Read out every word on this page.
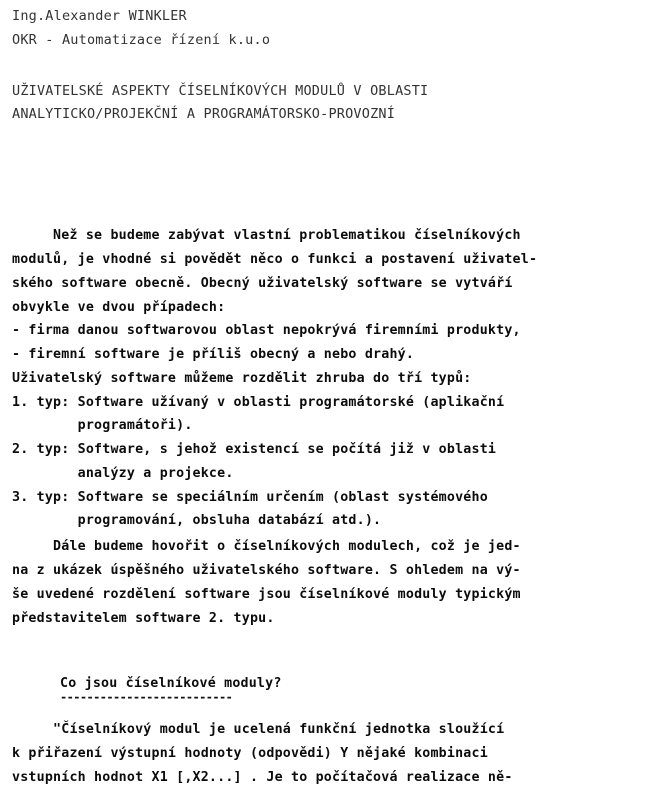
Ing.Alexander WINKLER
OKR - Automatizace řízení k.u.o
UŽIVATELSKÉ ASPEKTY ČÍSELNÍKOVÝCH MODULŮ V OBLASTI
ANALYTICKO/PROJEKČNÍ A PROGRAMÁTORSKO-PROVOZNÍ
Než se budeme zabývat vlastní problematikou číselníkových
modulů, je vhodné si povědět něco o funkci a postavení uživatel-
ského software obecně. Obecný uživatelský software se vytváří
obvykle ve dvou případech:
- firma danou softwarovou oblast nepokrývá firemními produkty,
- firemní software je příliš obecný a nebo drahý.
Uživatelský software můžeme rozdělit zhruba do tří typů:
1. typ: Software užívaný v oblasti programátorské (aplikační
programátoři).
2. typ: Software, s jehož existencí se počítá již v oblasti
analýzy a projekce.
3. typ: Software se speciálním určením (oblast systémového
programování, obsluha databází atd.).
Dále budeme hovořit o číselníkových modulech, což je jed-
na z ukázek úspěšného uživatelského software. S ohledem na vý-
še uvedené rozdělení software jsou číselníkové moduly typickým
představitelem software 2. typu.
Co jsou číselníkové moduly?
--------------------------
"Číselníkový modul je ucelená funkční jednotka sloužící
k přiřazení výstupní hodnoty (odpovědi) Y nějaké kombinaci
vstupních hodnot X1 [,X2...] . Je to počítačová realizace ně-
